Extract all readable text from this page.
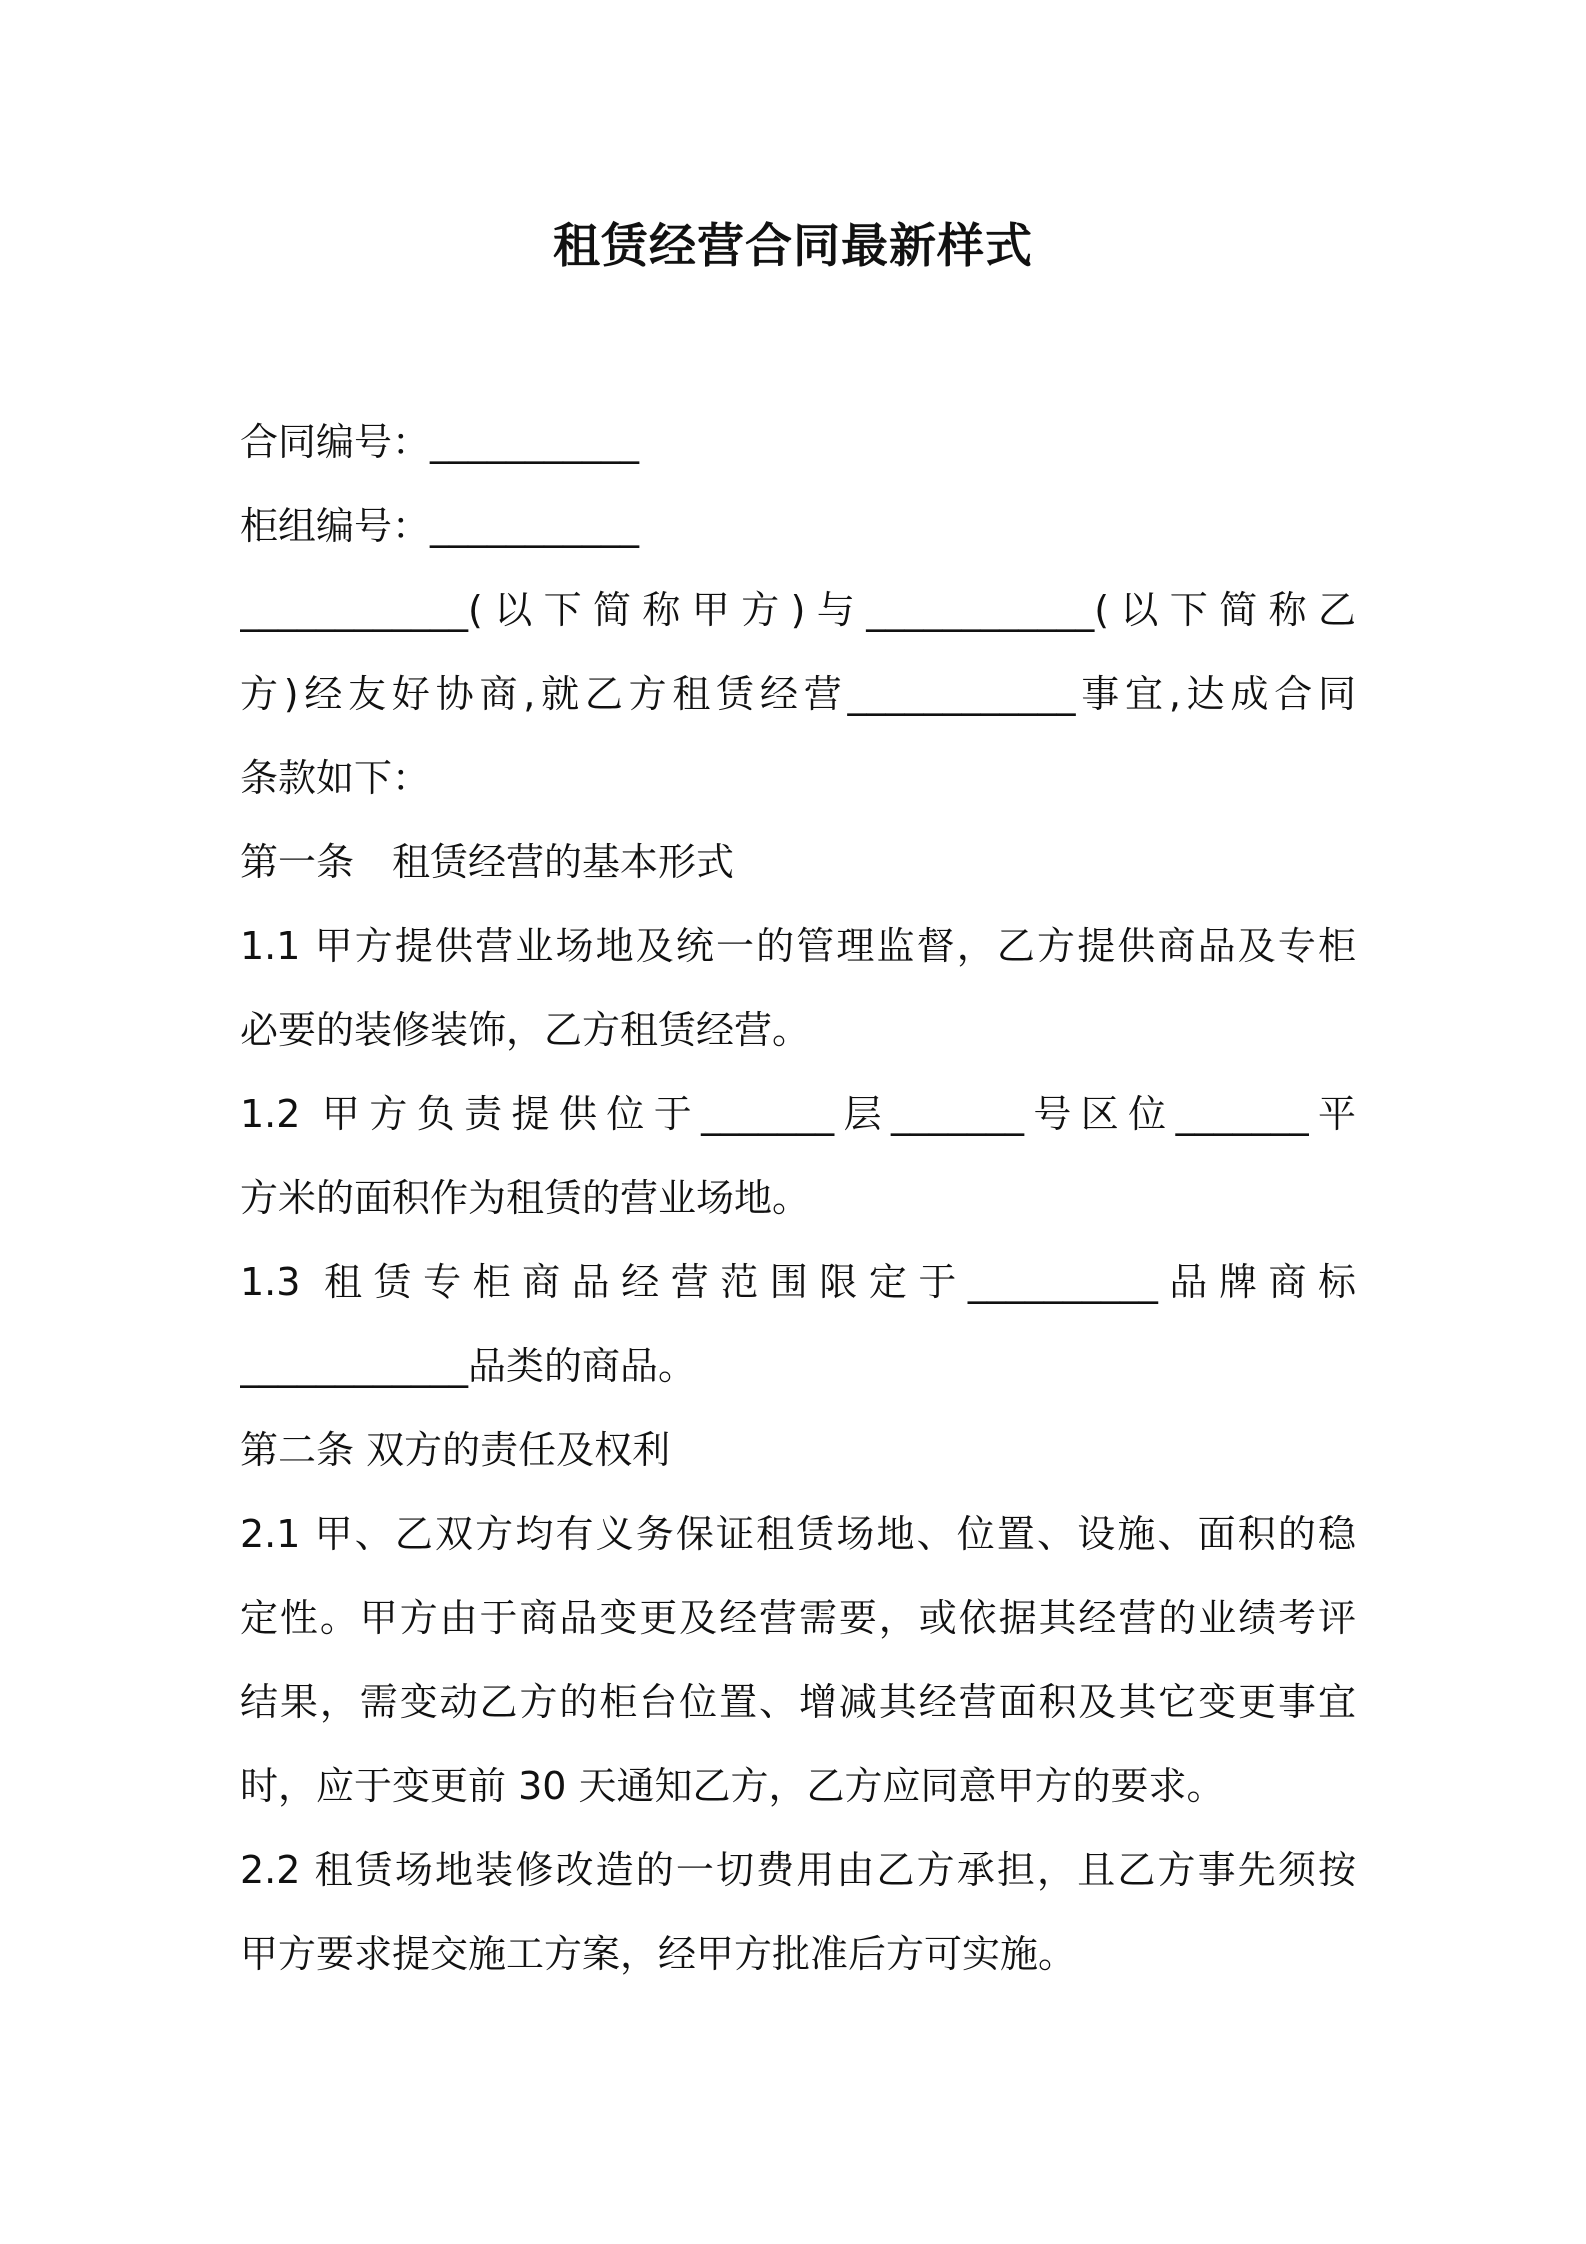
租赁经营合同最新样式
合同编号：___________
柜组编号：___________
____________(以下简称甲方)与____________(以下简称乙
方)经友好协商,就乙方租赁经营____________事宜,达成合同
条款如下：
第一条　租赁经营的基本形式
1.1 甲方提供营业场地及统一的管理监督，乙方提供商品及专柜
必要的装修装饰，乙方租赁经营。
1.2 甲方负责提供位于_______层_______号区位_______平
方米的面积作为租赁的营业场地。
1.3 租赁专柜商品经营范围限定于__________品牌商标
____________品类的商品。
第二条 双方的责任及权利
2.1 甲、乙双方均有义务保证租赁场地、位置、设施、面积的稳
定性。甲方由于商品变更及经营需要，或依据其经营的业绩考评
结果，需变动乙方的柜台位置、增减其经营面积及其它变更事宜
时，应于变更前 30 天通知乙方，乙方应同意甲方的要求。
2.2 租赁场地装修改造的一切费用由乙方承担，且乙方事先须按
甲方要求提交施工方案，经甲方批准后方可实施。
